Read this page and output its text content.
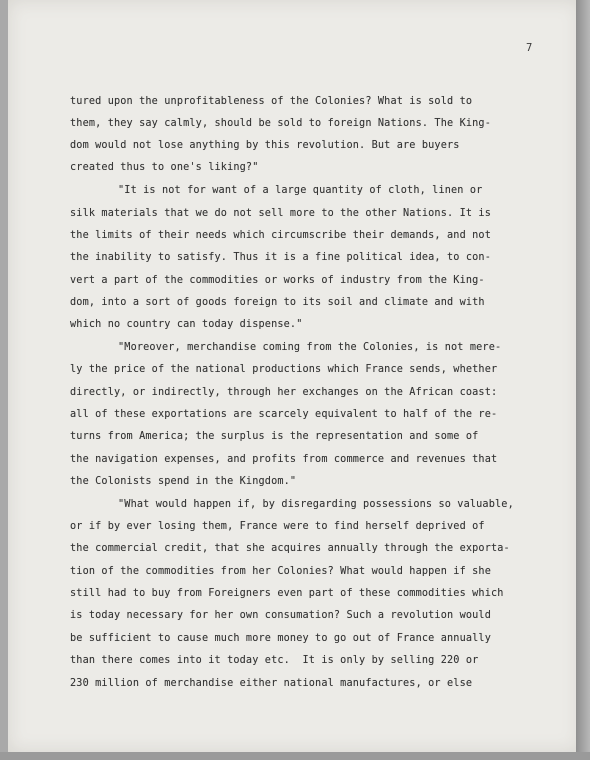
7
tured upon the unprofitableness of the Colonies? What is sold to
them, they say calmly, should be sold to foreign Nations. The King-
dom would not lose anything by this revolution. But are buyers
created thus to one's liking?"
"It is not for want of a large quantity of cloth, linen or
silk materials that we do not sell more to the other Nations. It is
the limits of their needs which circumscribe their demands, and not
the inability to satisfy. Thus it is a fine political idea, to con-
vert a part of the commodities or works of industry from the King-
dom, into a sort of goods foreign to its soil and climate and with
which no country can today dispense."
"Moreover, merchandise coming from the Colonies, is not mere-
ly the price of the national productions which France sends, whether
directly, or indirectly, through her exchanges on the African coast:
all of these exportations are scarcely equivalent to half of the re-
turns from America; the surplus is the representation and some of
the navigation expenses, and profits from commerce and revenues that
the Colonists spend in the Kingdom."
"What would happen if, by disregarding possessions so valuable,
or if by ever losing them, France were to find herself deprived of
the commercial credit, that she acquires annually through the exporta-
tion of the commodities from her Colonies? What would happen if she
still had to buy from Foreigners even part of these commodities which
is today necessary for her own consumation? Such a revolution would
be sufficient to cause much more money to go out of France annually
than there comes into it today etc.  It is only by selling 220 or
230 million of merchandise either national manufactures, or else
